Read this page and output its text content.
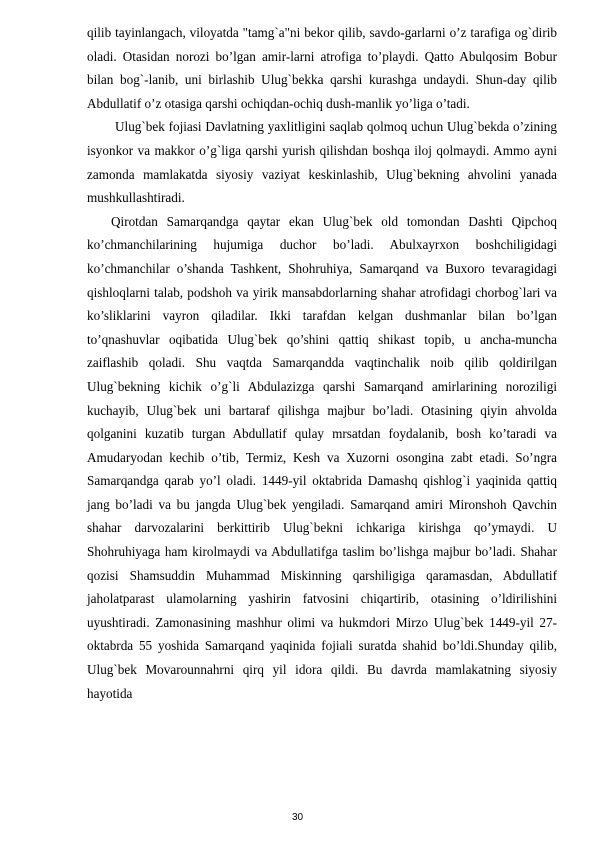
qilib tayinlangach, viloyatda "tamg`a"ni bekor qilib, savdo-garlarni o’z tarafiga og`dirib oladi. Otasidan norozi bo’lgan amir-larni atrofiga to’playdi. Qatto Abulqosim Bobur bilan bog`-lanib, uni birlashib Ulug`bekka qarshi kurashga undaydi. Shun-day qilib Abdullatif o’z otasiga qarshi ochiqdan-ochiq dush-manlik yo’liga o’tadi.

Ulug`bek fojiasi Davlatning yaxlitligini saqlab qolmoq uchun Ulug`bekda o’zining isyonkor va makkor o’g`liga qarshi yurish qilishdan boshqa iloj qolmaydi. Ammo ayni zamonda mamlakatda siyosiy vaziyat keskinlashib, Ulug`bekning ahvolini yanada mushkullashtiradi.

Qirotdan Samarqandga qaytar ekan Ulug`bek old tomondan Dashti Qipchoq ko’chmanchilarining hujumiga duchor bo’ladi. Abulxayrxon boshchiligidagi ko’chmanchilar o’shanda Tashkent, Shohruhiya, Samarqand va Buxoro tevaragidagi qishloqlarni talab, podshoh va yirik mansabdorlarning shahar atrofidagi chorbog`lari va ko’sliklarini vayron qiladilar. Ikki tarafdan kelgan dushmanlar bilan bo’lgan to’qnashuvlar oqibatida Ulug`bek qo’shini qattiq shikast topib, u ancha-muncha zaiflashib qoladi. Shu vaqtda Samarqandda vaqtinchalik noib qilib qoldirilgan Ulug`bekning kichik o’g`li Abdulazizga qarshi Samarqand amirlarining noroziligi kuchayib, Ulug`bek uni bartaraf qilishga majbur bo’ladi. Otasining qiyin ahvolda qolganini kuzatib turgan Abdullatif qulay mrsatdan foydalanib, bosh ko’taradi va Amudaryodan kechib o’tib, Termiz, Kesh va Xuzorni osongina zabt etadi. So’ngra Samarqandga qarab yo’l oladi. 1449-yil oktabrida Damashq qishlog`i yaqinida qattiq jang bo’ladi va bu jangda Ulug`bek yengiladi. Samarqand amiri Mironshoh Qavchin shahar darvozalarini berkittirib Ulug`bekni ichkariga kirishga qo’ymaydi. U Shohruhiyaga ham kirolmaydi va Abdullatifga taslim bo’lishga majbur bo’ladi. Shahar qozisi Shamsuddin Muhammad Miskinning qarshiligiga qaramasdan, Abdullatif jaholatparast ulamolarning yashirin fatvosini chiqartirib, otasining o’ldirilishini uyushtiradi. Zamonasining mashhur olimi va hukmdori Mirzo Ulug`bek 1449-yil 27-oktabrda 55 yoshida Samarqand yaqinida fojiali suratda shahid bo’ldi.Shunday qilib, Ulug`bek Movarounnahrni qirq yil idora qildi. Bu davrda mamlakatning siyosiy hayotida

30
